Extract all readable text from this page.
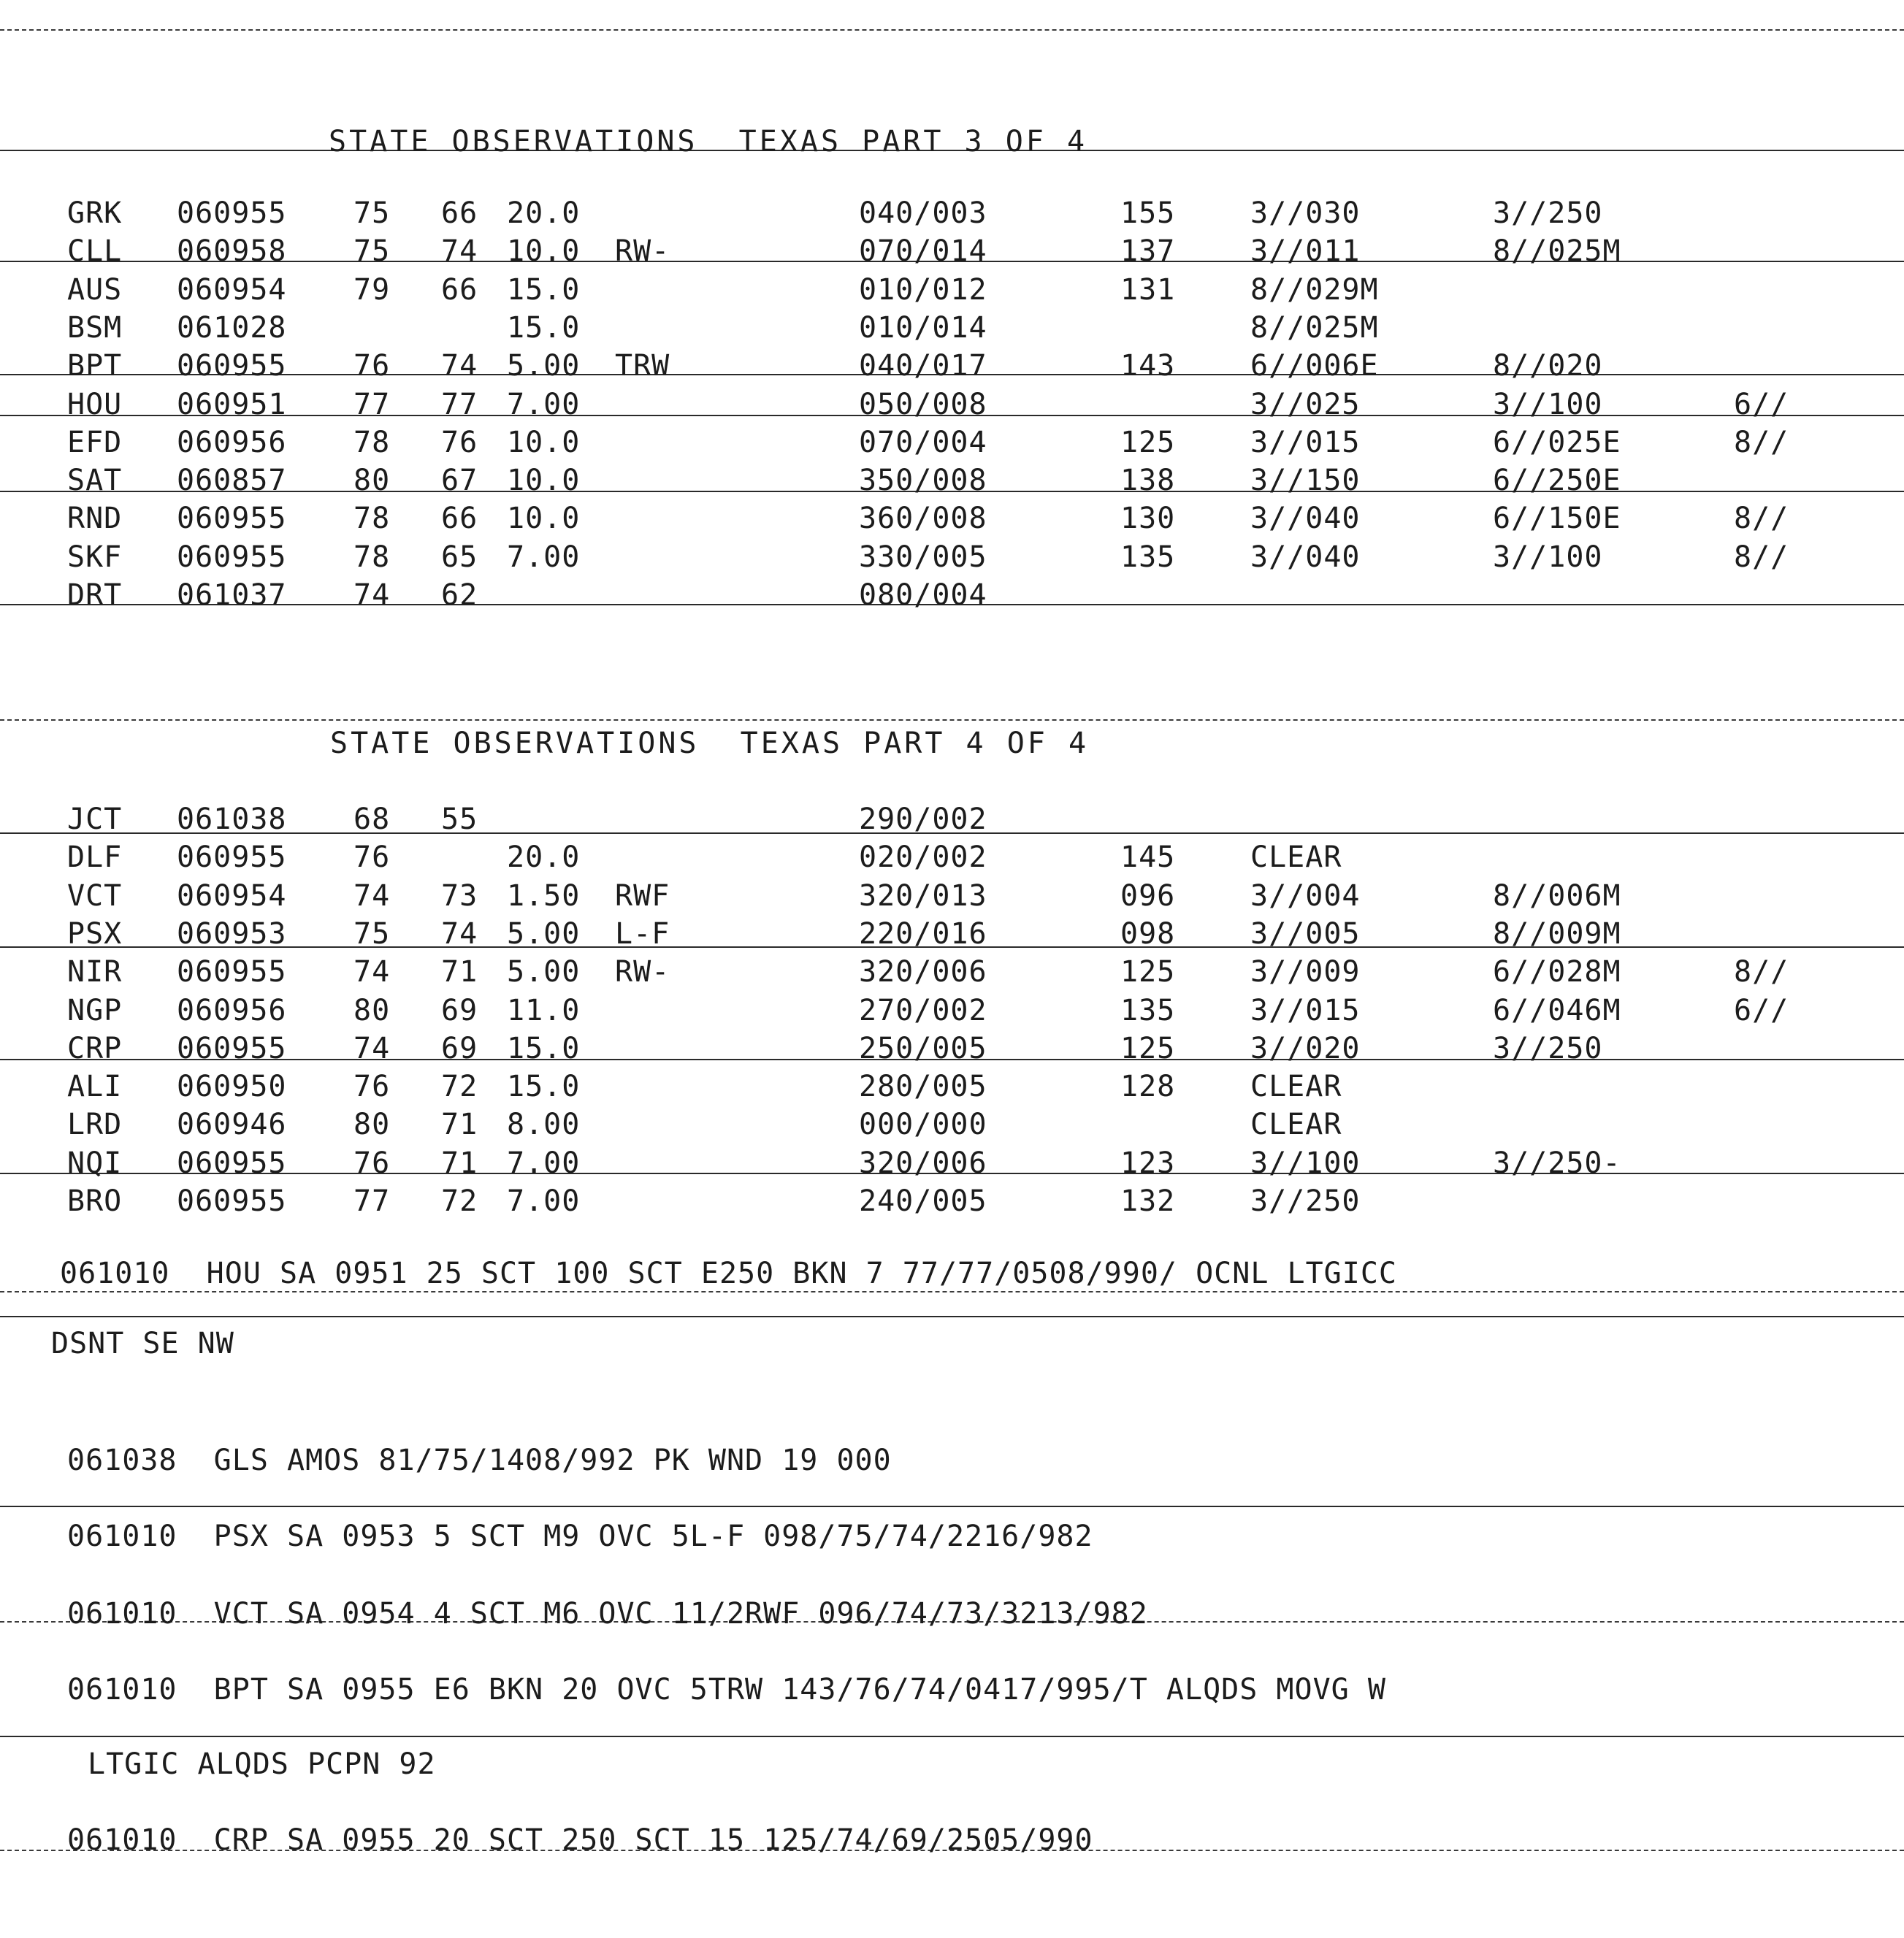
STATE OBSERVATIONS  TEXAS PART 3 OF 4
GRK 060955 75 66 20.0	040/003	155	3//030	3//250
CLL 060958 75 74 10.0 RW-	070/014	137	3//011	8//025M
AUS 060954 79 66 15.0	010/012	131	8//029M
BSM 061028	15.0	010/014	8//025M
BPT 060955 76 74 5.00 TRW	040/017	143	6//006E	8//020
HOU 060951 77 77 7.00	050/008	3//025	3//100	6//
EFD 060956 78 76 10.0	070/004	125	3//015	6//025E	8//
SAT 060857 80 67 10.0	350/008	138	3//150	6//250E
RND 060955 78 66 10.0	360/008	130	3//040	6//150E	8//
SKF 060955 78 65 7.00	330/005	135	3//040	3//100	8//
DRT 061037 74 62	080/004
STATE OBSERVATIONS  TEXAS PART 4 OF 4
JCT 061038 68 55	290/002
DLF 060955 76	20.0	020/002	145	CLEAR
VCT 060954 74 73 1.50 RWF	320/013	096	3//004	8//006M
PSX 060953 75 74 5.00 L-F	220/016	098	3//005	8//009M
NIR 060955 74 71 5.00 RW-	320/006	125	3//009	6//028M	8//
NGP 060956 80 69 11.0	270/002	135	3//015	6//046M	6//
CRP 060955 74 69 15.0	250/005	125	3//020	3//250
ALI 060950 76 72 15.0	280/005	128	CLEAR
LRD 060946 80 71 8.00	000/000	CLEAR
NQI 060955 76 71 7.00	320/006	123	3//100	3//250-
BRO 060955 77 72 7.00	240/005	132	3//250
061010  HOU SA 0951 25 SCT 100 SCT E250 BKN 7 77/77/0508/990/ OCNL LTGICC
DSNT SE NW
061038  GLS AMOS 81/75/1408/992 PK WND 19 000
061010  PSX SA 0953 5 SCT M9 OVC 5L-F 098/75/74/2216/982
061010  VCT SA 0954 4 SCT M6 OVC 11/2RWF 096/74/73/3213/982
061010  BPT SA 0955 E6 BKN 20 OVC 5TRW 143/76/74/0417/995/T ALQDS MOVG W
LTGIC ALQDS PCPN 92
061010  CRP SA 0955 20 SCT 250 SCT 15 125/74/69/2505/990
